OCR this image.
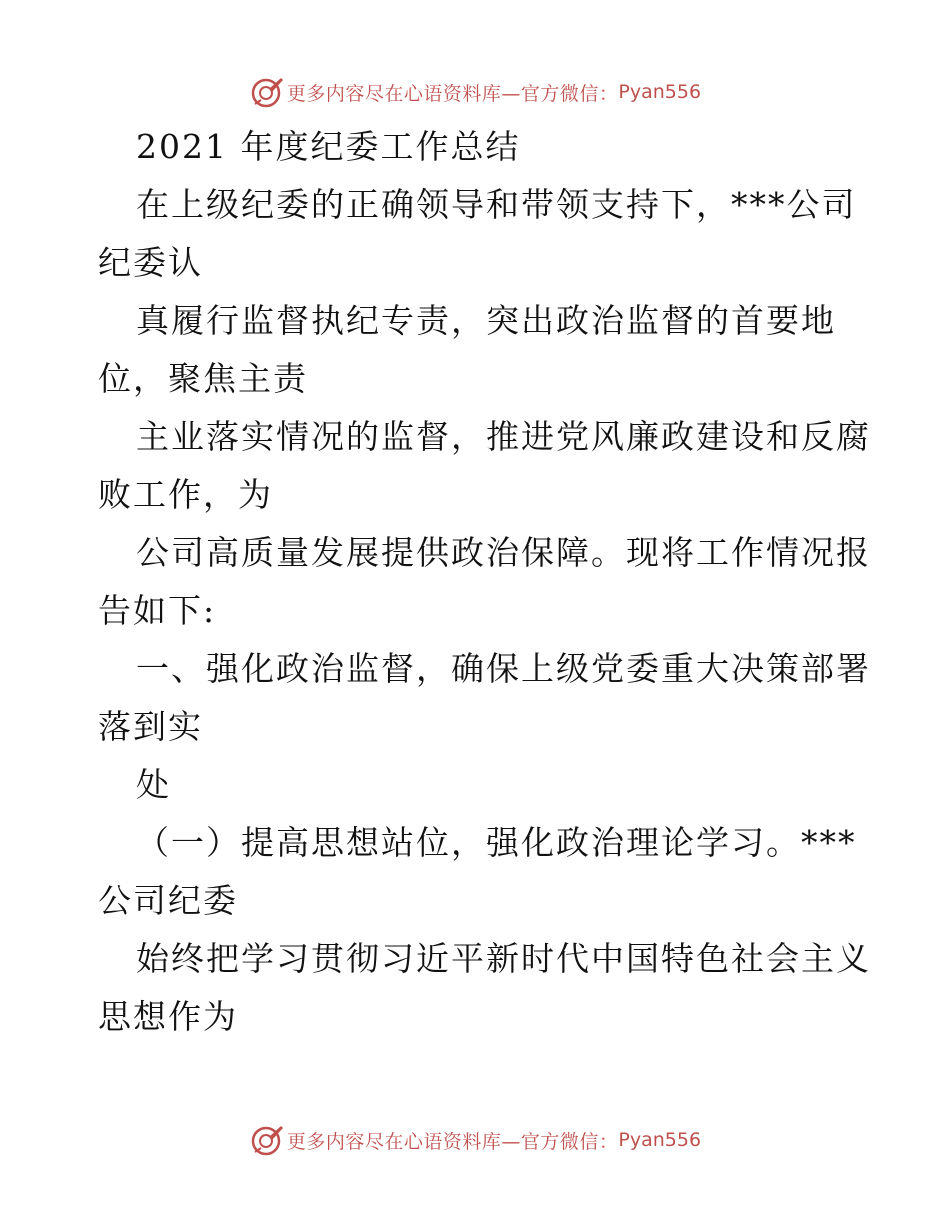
更多内容尽在心语资料库—官方微信： Pyan556
2021 年度纪委工作总结
在上级纪委的正确领导和带领支持下，***公司
纪委认
真履行监督执纪专责，突出政治监督的首要地
位，聚焦主责
主业落实情况的监督，推进党风廉政建设和反腐
败工作，为
公司高质量发展提供政治保障。现将工作情况报
告如下:
一、强化政治监督，确保上级党委重大决策部署
落到实
处
（一）提高思想站位，强化政治理论学习。***
公司纪委
始终把学习贯彻习近平新时代中国特色社会主义
思想作为
更多内容尽在心语资料库—官方微信： Pyan556
